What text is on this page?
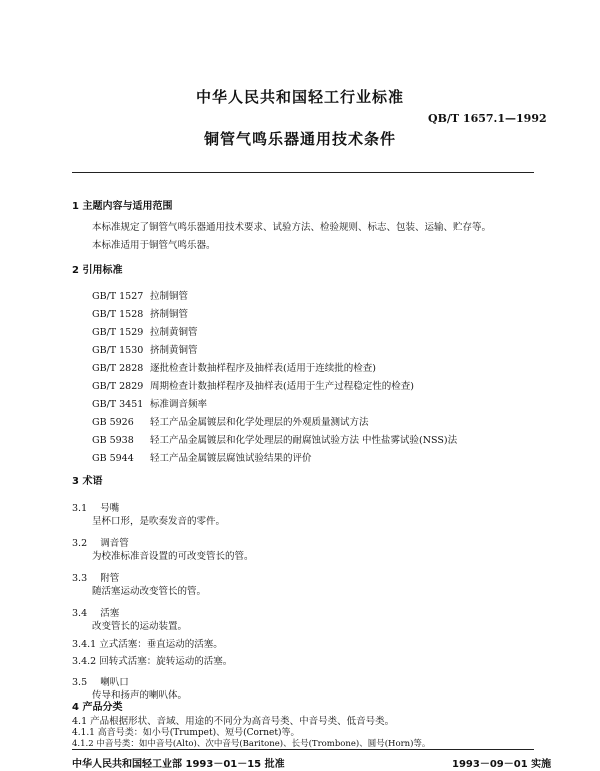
中华人民共和国轻工行业标准
QB/T 1657.1—1992
铜管气鸣乐器通用技术条件
1 主题内容与适用范围
本标准规定了铜管气鸣乐器通用技术要求、试验方法、检验规则、标志、包装、运输、贮存等。
本标准适用于铜管气鸣乐器。
2 引用标准
GB/T 1527 拉制铜管
GB/T 1528 挤制铜管
GB/T 1529 拉制黄铜管
GB/T 1530 挤制黄铜管
GB/T 2828 逐批检查计数抽样程序及抽样表(适用于连续批的检查)
GB/T 2829 周期检查计数抽样程序及抽样表(适用于生产过程稳定性的检查)
GB/T 3451 标准调音频率
GB 5926 轻工产品金属镀层和化学处理层的外观质量测试方法
GB 5938 轻工产品金属镀层和化学处理层的耐腐蚀试验方法 中性盐雾试验(NSS)法
GB 5944 轻工产品金属镀层腐蚀试验结果的评价
3 术语
3.1 号嘴
呈杯口形，是吹奏发音的零件。
3.2 调音管
为校准标准音设置的可改变管长的管。
3.3 附管
随活塞运动改变管长的管。
3.4 活塞
改变管长的运动装置。
3.4.1 立式活塞：垂直运动的活塞。
3.4.2 回转式活塞：旋转运动的活塞。
3.5 喇叭口
传导和扬声的喇叭体。
4 产品分类
4.1 产品根据形状、音域、用途的不同分为高音号类、中音号类、低音号类。
4.1.1 高音号类：如小号(Trumpet)、短号(Cornet)等。
中华人民共和国轻工业部 1993－01－15 批准	1993－09－01 实施
4.1.2 中音号类：如中音号(Alto)、次中音号(Baritone)、长号(Trombone)、圆号(Horn)等。
